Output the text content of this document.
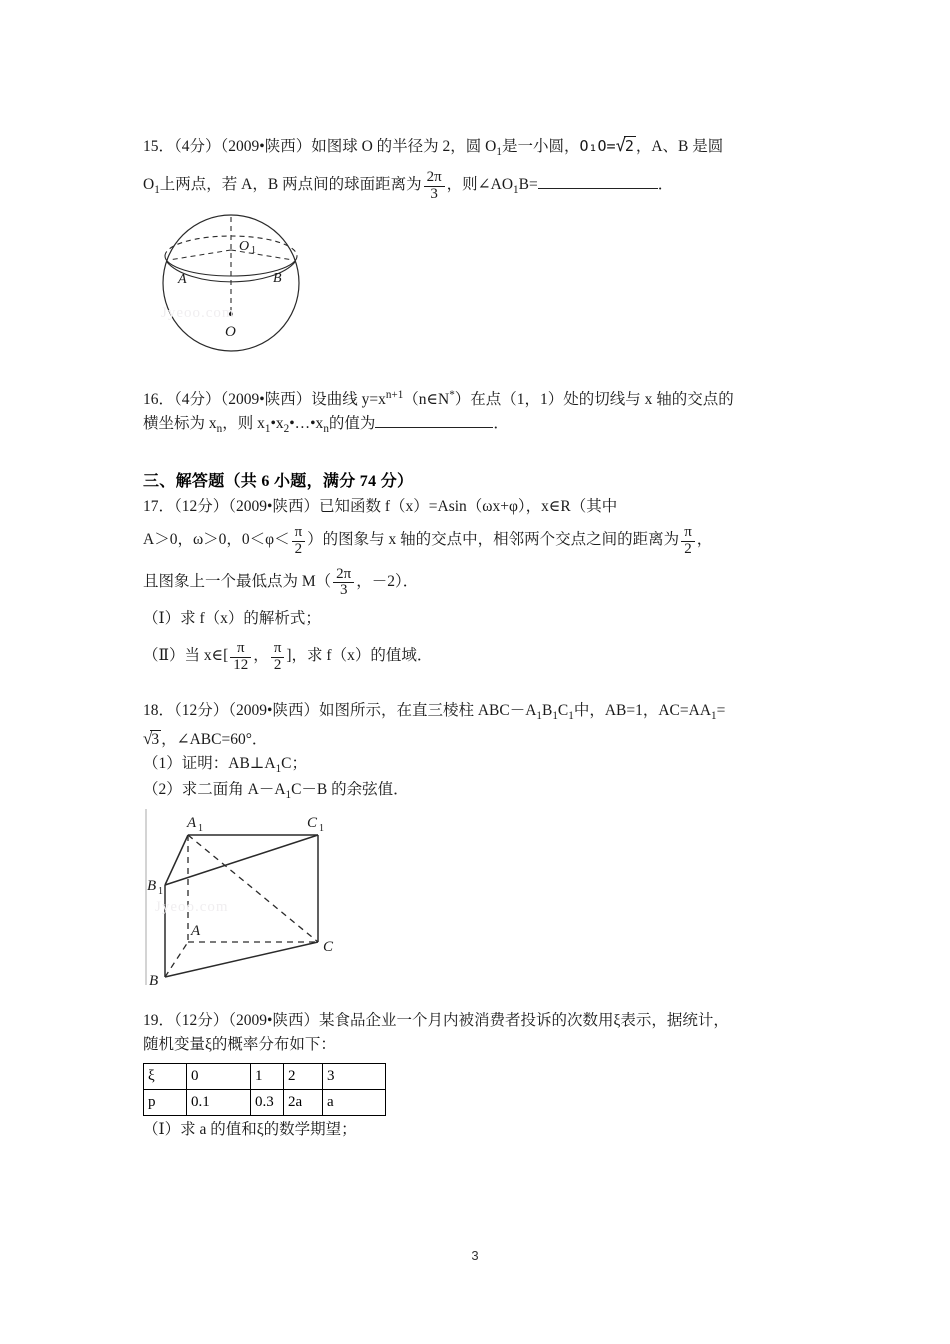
15．（4分）（2009•陕西）如图球 O 的半径为 2，圆 $O_1$是一小圆，O₁O=√2 ，A、B 是圆
$O_1$上两点，若 A，B 两点间的球面距离为 $\frac{2\pi}{3}$ ，则$\angle AO_1B=$	．
O 1
A	B
O
Jyeoo.com
16．（4分）（2009•陕西）设曲线 $y=x^{n+1}(n\in N^*)$在点（1，1）处的切线与 x 轴的交点的
横坐标为 $x_n$，则 $x_1•x_2•\dots•x_n$的值为	．
三、解答题（共 6 小题，满分 74 分）
17．（12分）（2009•陕西）已知函数 f（x）=Asin（ωx+φ），x∈R（其中
A＞0，ω＞0，$0<\varphi< \frac{\pi}{2}$ ）的图象与 x 轴的交点中，相邻两个交点之间的距离为 $\frac{\pi}{2}$ ，
且图象上一个最低点为 $M( \frac{2\pi}{3}$ ，－2）．
（Ⅰ）求 f（x）的解析式；
（Ⅱ）当 x∈[ $\frac{\pi}{12}$ ， $\frac{\pi}{2}$ ]，求 f（x）的值域．
18．（12分）（2009•陕西）如图所示，在直三棱柱 $ABC-A_1B_1C_1$中，AB=1，$AC=AA_1=$
√3 ，∠ABC=60°．
（1）证明：$AB\perp A_1C$；
（2）求二面角 $A-A_1C-B$ 的余弦值．
A 1	C 1
B 1
A
C
B
Jyeoo.com
19．（12分）（2009•陕西）某食品企业一个月内被消费者投诉的次数用ξ表示，据统计，
随机变量ξ的概率分布如下：
ξ	0	1	2	3
p	0.1	0.3	2a	a
（Ⅰ）求 a 的值和ξ的数学期望；
3
